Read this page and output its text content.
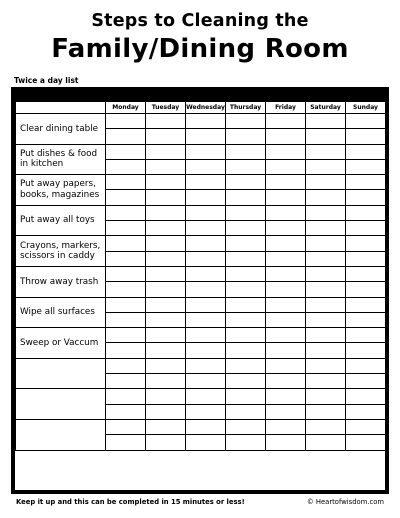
Steps to Cleaning the
Family/Dining Room
Twice a day list
	Monday	Tuesday	Wednesday	Thursday	Friday	Saturday	Sunday

Clear dining table							

Put dishes & food
in kitchen							

Put away papers,
books, magazines							

Put away all toys							

Crayons, markers,
scissors in caddy							

Throw away trash							

Wipe all surfaces							

Sweep or Vaccum							

Keep it up and this can be completed in 15 minutes or less!	© Heartofwisdom.com
